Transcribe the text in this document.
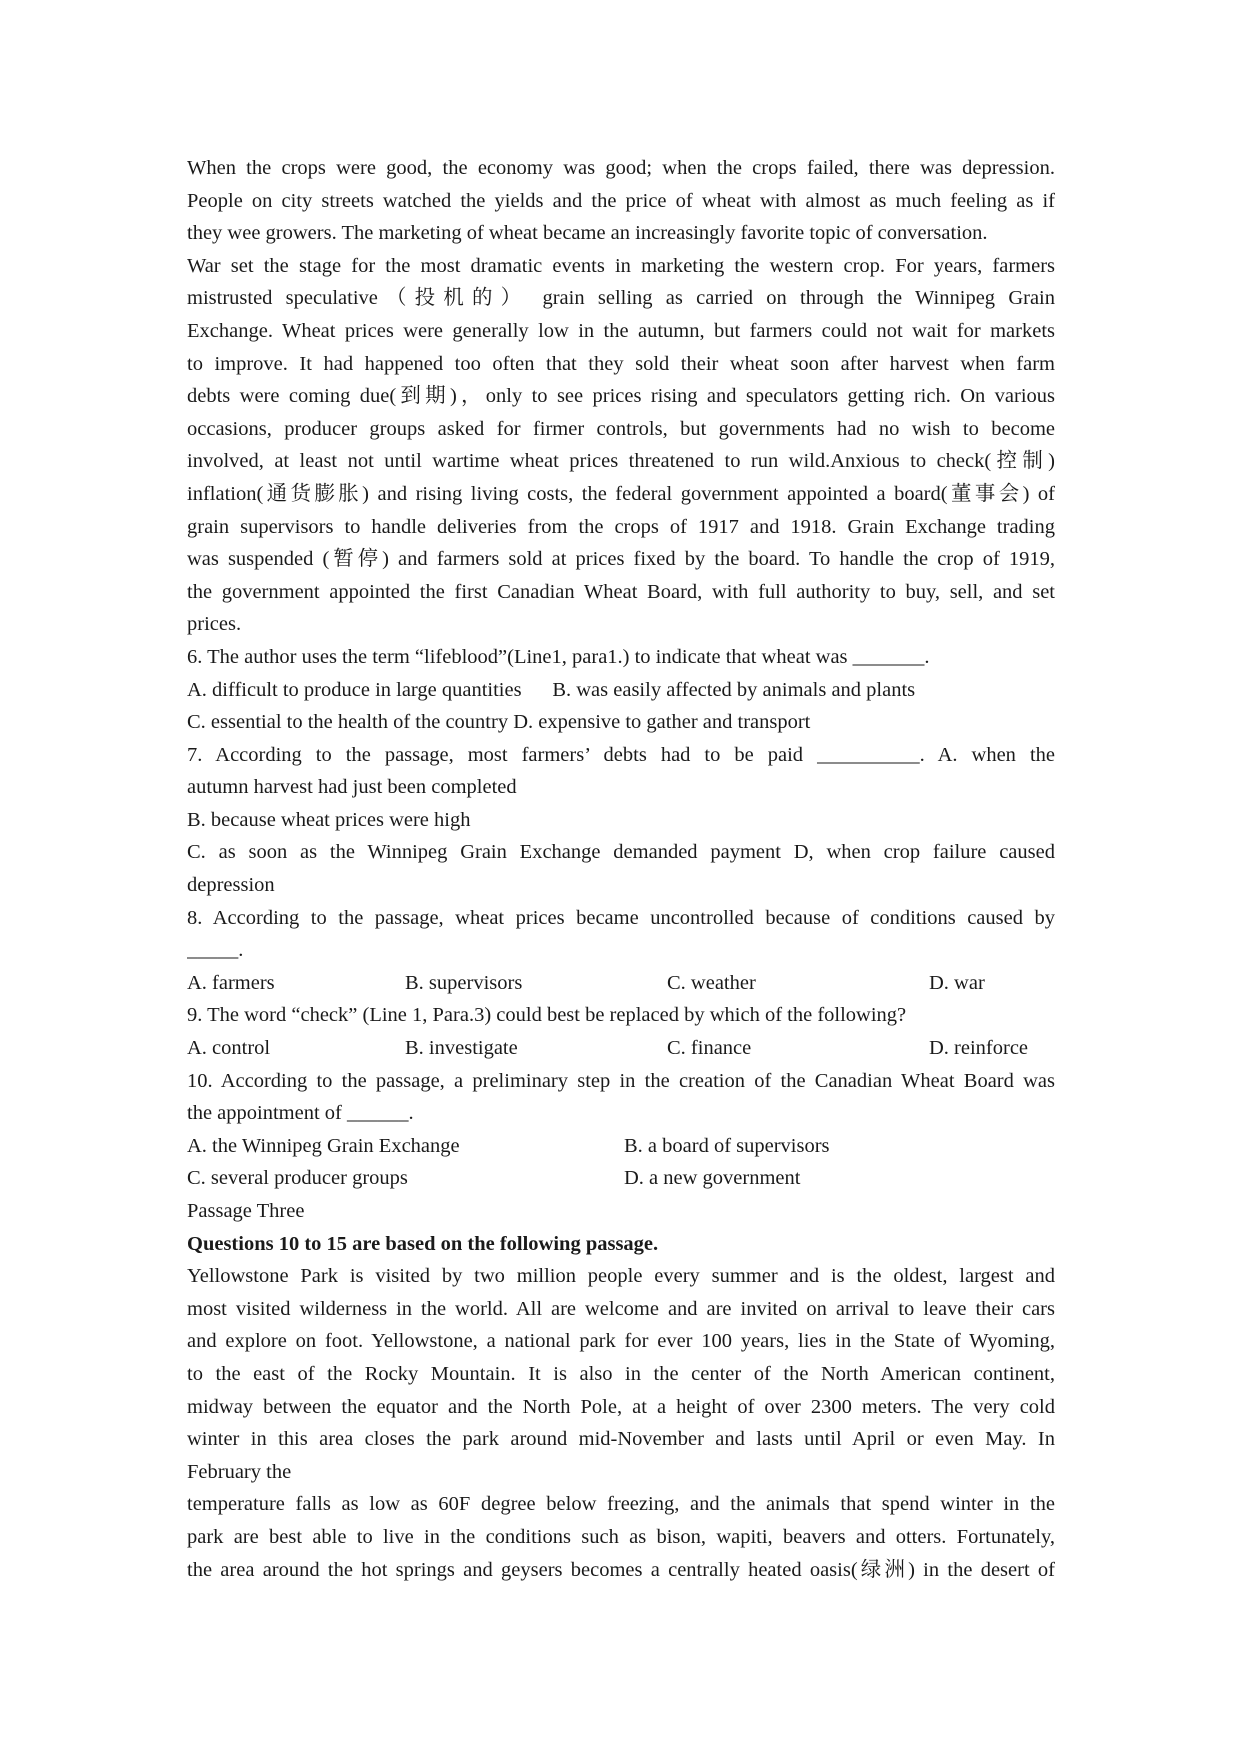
When the crops were good, the economy was good; when the crops failed, there was depression.
People on city streets watched the yields and the price of wheat with almost as much feeling as if
they wee growers. The marketing of wheat became an increasingly favorite topic of conversation.
War set the stage for the most dramatic events in marketing the western crop. For years, farmers
mistrusted speculative（投机的） grain selling as carried on through the Winnipeg Grain
Exchange. Wheat prices were generally low in the autumn, but farmers could not wait for markets
to improve. It had happened too often that they sold their wheat soon after harvest when farm
debts were coming due(到期)，only to see prices rising and speculators getting rich. On various
occasions, producer groups asked for firmer controls, but governments had no wish to become
involved, at least not until wartime wheat prices threatened to run wild.Anxious to check(控制)
inflation(通货膨胀) and rising living costs, the federal government appointed a board(董事会) of
grain supervisors to handle deliveries from the crops of 1917 and 1918. Grain Exchange trading
was suspended (暂停) and farmers sold at prices fixed by the board. To handle the crop of 1919,
the government appointed the first Canadian Wheat Board, with full authority to buy, sell, and set
prices.
6. The author uses the term “lifeblood”(Line1, para1.) to indicate that wheat was _______.
A. difficult to produce in large quantities      B. was easily affected by animals and plants
C. essential to the health of the country D. expensive to gather and transport
7. According to the passage, most farmers’ debts had to be paid __________. A. when the
autumn harvest had just been completed
B. because wheat prices were high
C. as soon as the Winnipeg Grain Exchange demanded payment D, when crop failure caused
depression
8. According to the passage, wheat prices became uncontrolled because of conditions caused by
_____.
A. farmers	B. supervisors	C. weather	D. war
9. The word “check” (Line 1, Para.3) could best be replaced by which of the following?
A. control	B. investigate	C. finance	D. reinforce
10. According to the passage, a preliminary step in the creation of the Canadian Wheat Board was
the appointment of ______.
A. the Winnipeg Grain Exchange	B. a board of supervisors
C. several producer groups	D. a new government
Passage Three
Questions 10 to 15 are based on the following passage.
Yellowstone Park is visited by two million people every summer and is the oldest, largest and
most visited wilderness in the world. All are welcome and are invited on arrival to leave their cars
and explore on foot. Yellowstone, a national park for ever 100 years, lies in the State of Wyoming,
to the east of the Rocky Mountain. It is also in the center of the North American continent,
midway between the equator and the North Pole, at a height of over 2300 meters. The very cold
winter in this area closes the park around mid-November and lasts until April or even May. In
February the
temperature falls as low as 60F degree below freezing, and the animals that spend winter in the
park are best able to live in the conditions such as bison, wapiti, beavers and otters. Fortunately,
the area around the hot springs and geysers becomes a centrally heated oasis(绿洲) in the desert of
